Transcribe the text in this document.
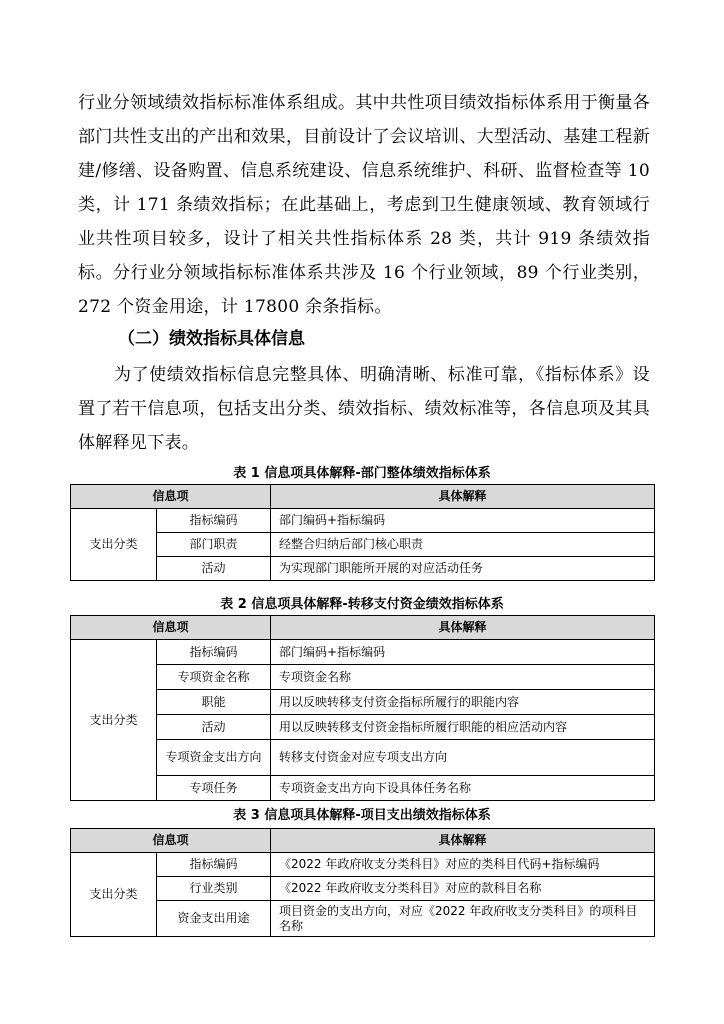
行业分领域绩效指标标准体系组成。其中共性项目绩效指标体系用于衡量各部门共性支出的产出和效果，目前设计了会议培训、大型活动、基建工程新建/修缮、设备购置、信息系统建设、信息系统维护、科研、监督检查等 10 类，计 171 条绩效指标；在此基础上，考虑到卫生健康领域、教育领域行业共性项目较多，设计了相关共性指标体系 28 类，共计 919 条绩效指标。分行业分领域指标标准体系共涉及 16 个行业领域，89 个行业类别，272 个资金用途，计 17800 余条指标。
（二）绩效指标具体信息
为了使绩效指标信息完整具体、明确清晰、标准可靠，《指标体系》设置了若干信息项，包括支出分类、绩效指标、绩效标准等，各信息项及其具体解释见下表。
表 1 信息项具体解释-部门整体绩效指标体系
信息项		具体解释
支出分类	指标编码	部门编码+指标编码
	部门职责	经整合归纳后部门核心职责
	活动	为实现部门职能所开展的对应活动任务
表 2 信息项具体解释-转移支付资金绩效指标体系
信息项		具体解释
支出分类	指标编码	部门编码+指标编码
	专项资金名称	专项资金名称
	职能	用以反映转移支付资金指标所履行的职能内容
	活动	用以反映转移支付资金指标所履行职能的相应活动内容
	专项资金支出方向	转移支付资金对应专项支出方向
	专项任务	专项资金支出方向下设具体任务名称
表 3 信息项具体解释-项目支出绩效指标体系
信息项		具体解释
支出分类	指标编码	《2022 年政府收支分类科目》对应的类科目代码+指标编码
	行业类别	《2022 年政府收支分类科目》对应的款科目名称
	资金支出用途	项目资金的支出方向，对应《2022 年政府收支分类科目》的项科目名称
